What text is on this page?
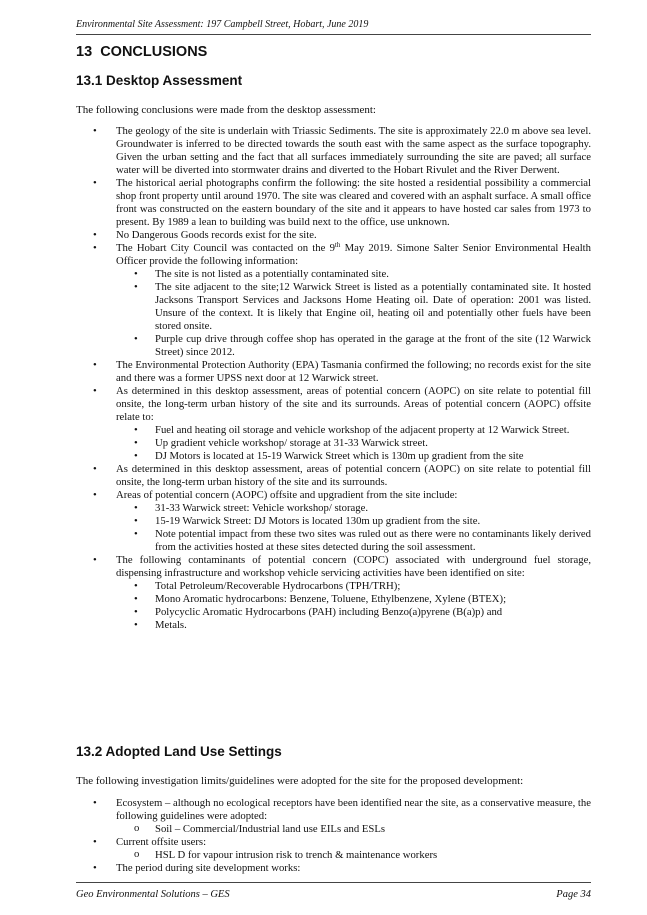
Environmental Site Assessment: 197 Campbell Street, Hobart, June 2019
13 CONCLUSIONS
13.1 Desktop Assessment

The following conclusions were made from the desktop assessment:

• The geology of the site is underlain with Triassic Sediments. The site is approximately 22.0 m above sea level. Groundwater is inferred to be directed towards the south east with the same aspect as the surface topography. Given the urban setting and the fact that all surfaces immediately surrounding the site are paved; all surface water will be diverted into stormwater drains and diverted to the Hobart Rivulet and the River Derwent.
• The historical aerial photographs confirm the following: the site hosted a residential possibility a commercial shop front property until around 1970. The site was cleared and covered with an asphalt surface. A small office front was constructed on the eastern boundary of the site and it appears to have hosted car sales from 1973 to present. By 1989 a lean to building was build next to the office, use unknown.
• No Dangerous Goods records exist for the site.
• The Hobart City Council was contacted on the 9th May 2019. Simone Salter Senior Environmental Health Officer provide the following information:
• The site is not listed as a potentially contaminated site.
• The site adjacent to the site;12 Warwick Street is listed as a potentially contaminated site. It hosted Jacksons Transport Services and Jacksons Home Heating oil. Date of operation: 2001 was listed. Unsure of the context. It is likely that Engine oil, heating oil and potentially other fuels have been stored onsite.
• Purple cup drive through coffee shop has operated in the garage at the front of the site (12 Warwick Street) since 2012.
• The Environmental Protection Authority (EPA) Tasmania confirmed the following; no records exist for the site and there was a former UPSS next door at 12 Warwick street.
• As determined in this desktop assessment, areas of potential concern (AOPC) on site relate to potential fill onsite, the long-term urban history of the site and its surrounds. Areas of potential concern (AOPC) offsite relate to:
• Fuel and heating oil storage and vehicle workshop of the adjacent property at 12 Warwick Street.
• Up gradient vehicle workshop/ storage at 31-33 Warwick street.
• DJ Motors is located at 15-19 Warwick Street which is 130m up gradient from the site
• As determined in this desktop assessment, areas of potential concern (AOPC) on site relate to potential fill onsite, the long-term urban history of the site and its surrounds.
• Areas of potential concern (AOPC) offsite and upgradient from the site include:
• 31-33 Warwick street: Vehicle workshop/ storage.
• 15-19 Warwick Street: DJ Motors is located 130m up gradient from the site.
• Note potential impact from these two sites was ruled out as there were no contaminants likely derived from the activities hosted at these sites detected during the soil assessment.
• The following contaminants of potential concern (COPC) associated with underground fuel storage, dispensing infrastructure and workshop vehicle servicing activities have been identified on site:
• Total Petroleum/Recoverable Hydrocarbons (TPH/TRH);
• Mono Aromatic hydrocarbons: Benzene, Toluene, Ethylbenzene, Xylene (BTEX);
• Polycyclic Aromatic Hydrocarbons (PAH) including Benzo(a)pyrene (B(a)p) and
• Metals.
13.2 Adopted Land Use Settings

The following investigation limits/guidelines were adopted for the site for the proposed development:

• Ecosystem – although no ecological receptors have been identified near the site, as a conservative measure, the following guidelines were adopted:
o Soil – Commercial/Industrial land use EILs and ESLs
• Current offsite users:
o HSL D for vapour intrusion risk to trench & maintenance workers
• The period during site development works:
Geo Environmental Solutions – GES	Page 34
